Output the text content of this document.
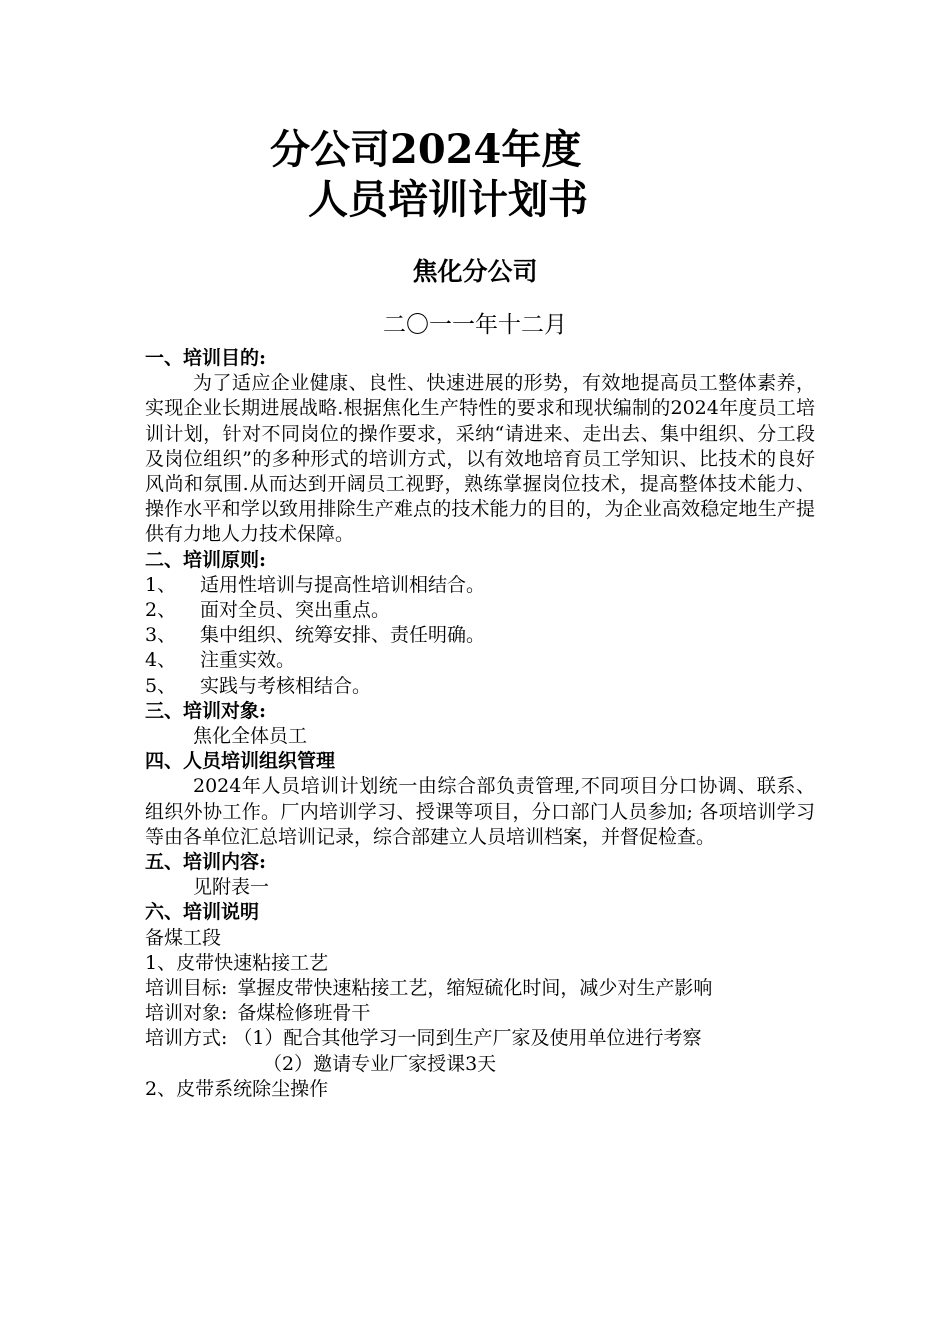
分公司2024年度
人员培训计划书
焦化分公司
二〇一一年十二月
一、培训目的:
为了适应企业健康、良性、快速进展的形势，有效地提高员工整体素养，实现企业长期进展战略.根据焦化生产特性的要求和现状编制的2024年度员工培训计划，针对不同岗位的操作要求，采纳“请进来、走出去、集中组织、分工段及岗位组织”的多种形式的培训方式，以有效地培育员工学知识、比技术的良好风尚和氛围.从而达到开阔员工视野，熟练掌握岗位技术，提高整体技术能力、操作水平和学以致用排除生产难点的技术能力的目的，为企业高效稳定地生产提供有力地人力技术保障。
二、培训原则:
1、	适用性培训与提高性培训相结合。
2、	面对全员、突出重点。
3、	集中组织、统筹安排、责任明确。
4、	注重实效。
5、	实践与考核相结合。
三、培训对象:
焦化全体员工
四、人员培训组织管理
2024年人员培训计划统一由综合部负责管理,不同项目分口协调、联系、组织外协工作。厂内培训学习、授课等项目，分口部门人员参加; 各项培训学习等由各单位汇总培训记录，综合部建立人员培训档案，并督促检查。
五、培训内容:
见附表一
六、培训说明
备煤工段
1、皮带快速粘接工艺
培训目标: 掌握皮带快速粘接工艺，缩短硫化时间，减少对生产影响
培训对象: 备煤检修班骨干
培训方式: （1）配合其他学习一同到生产厂家及使用单位进行考察
（2）邀请专业厂家授课3天
2、皮带系统除尘操作
